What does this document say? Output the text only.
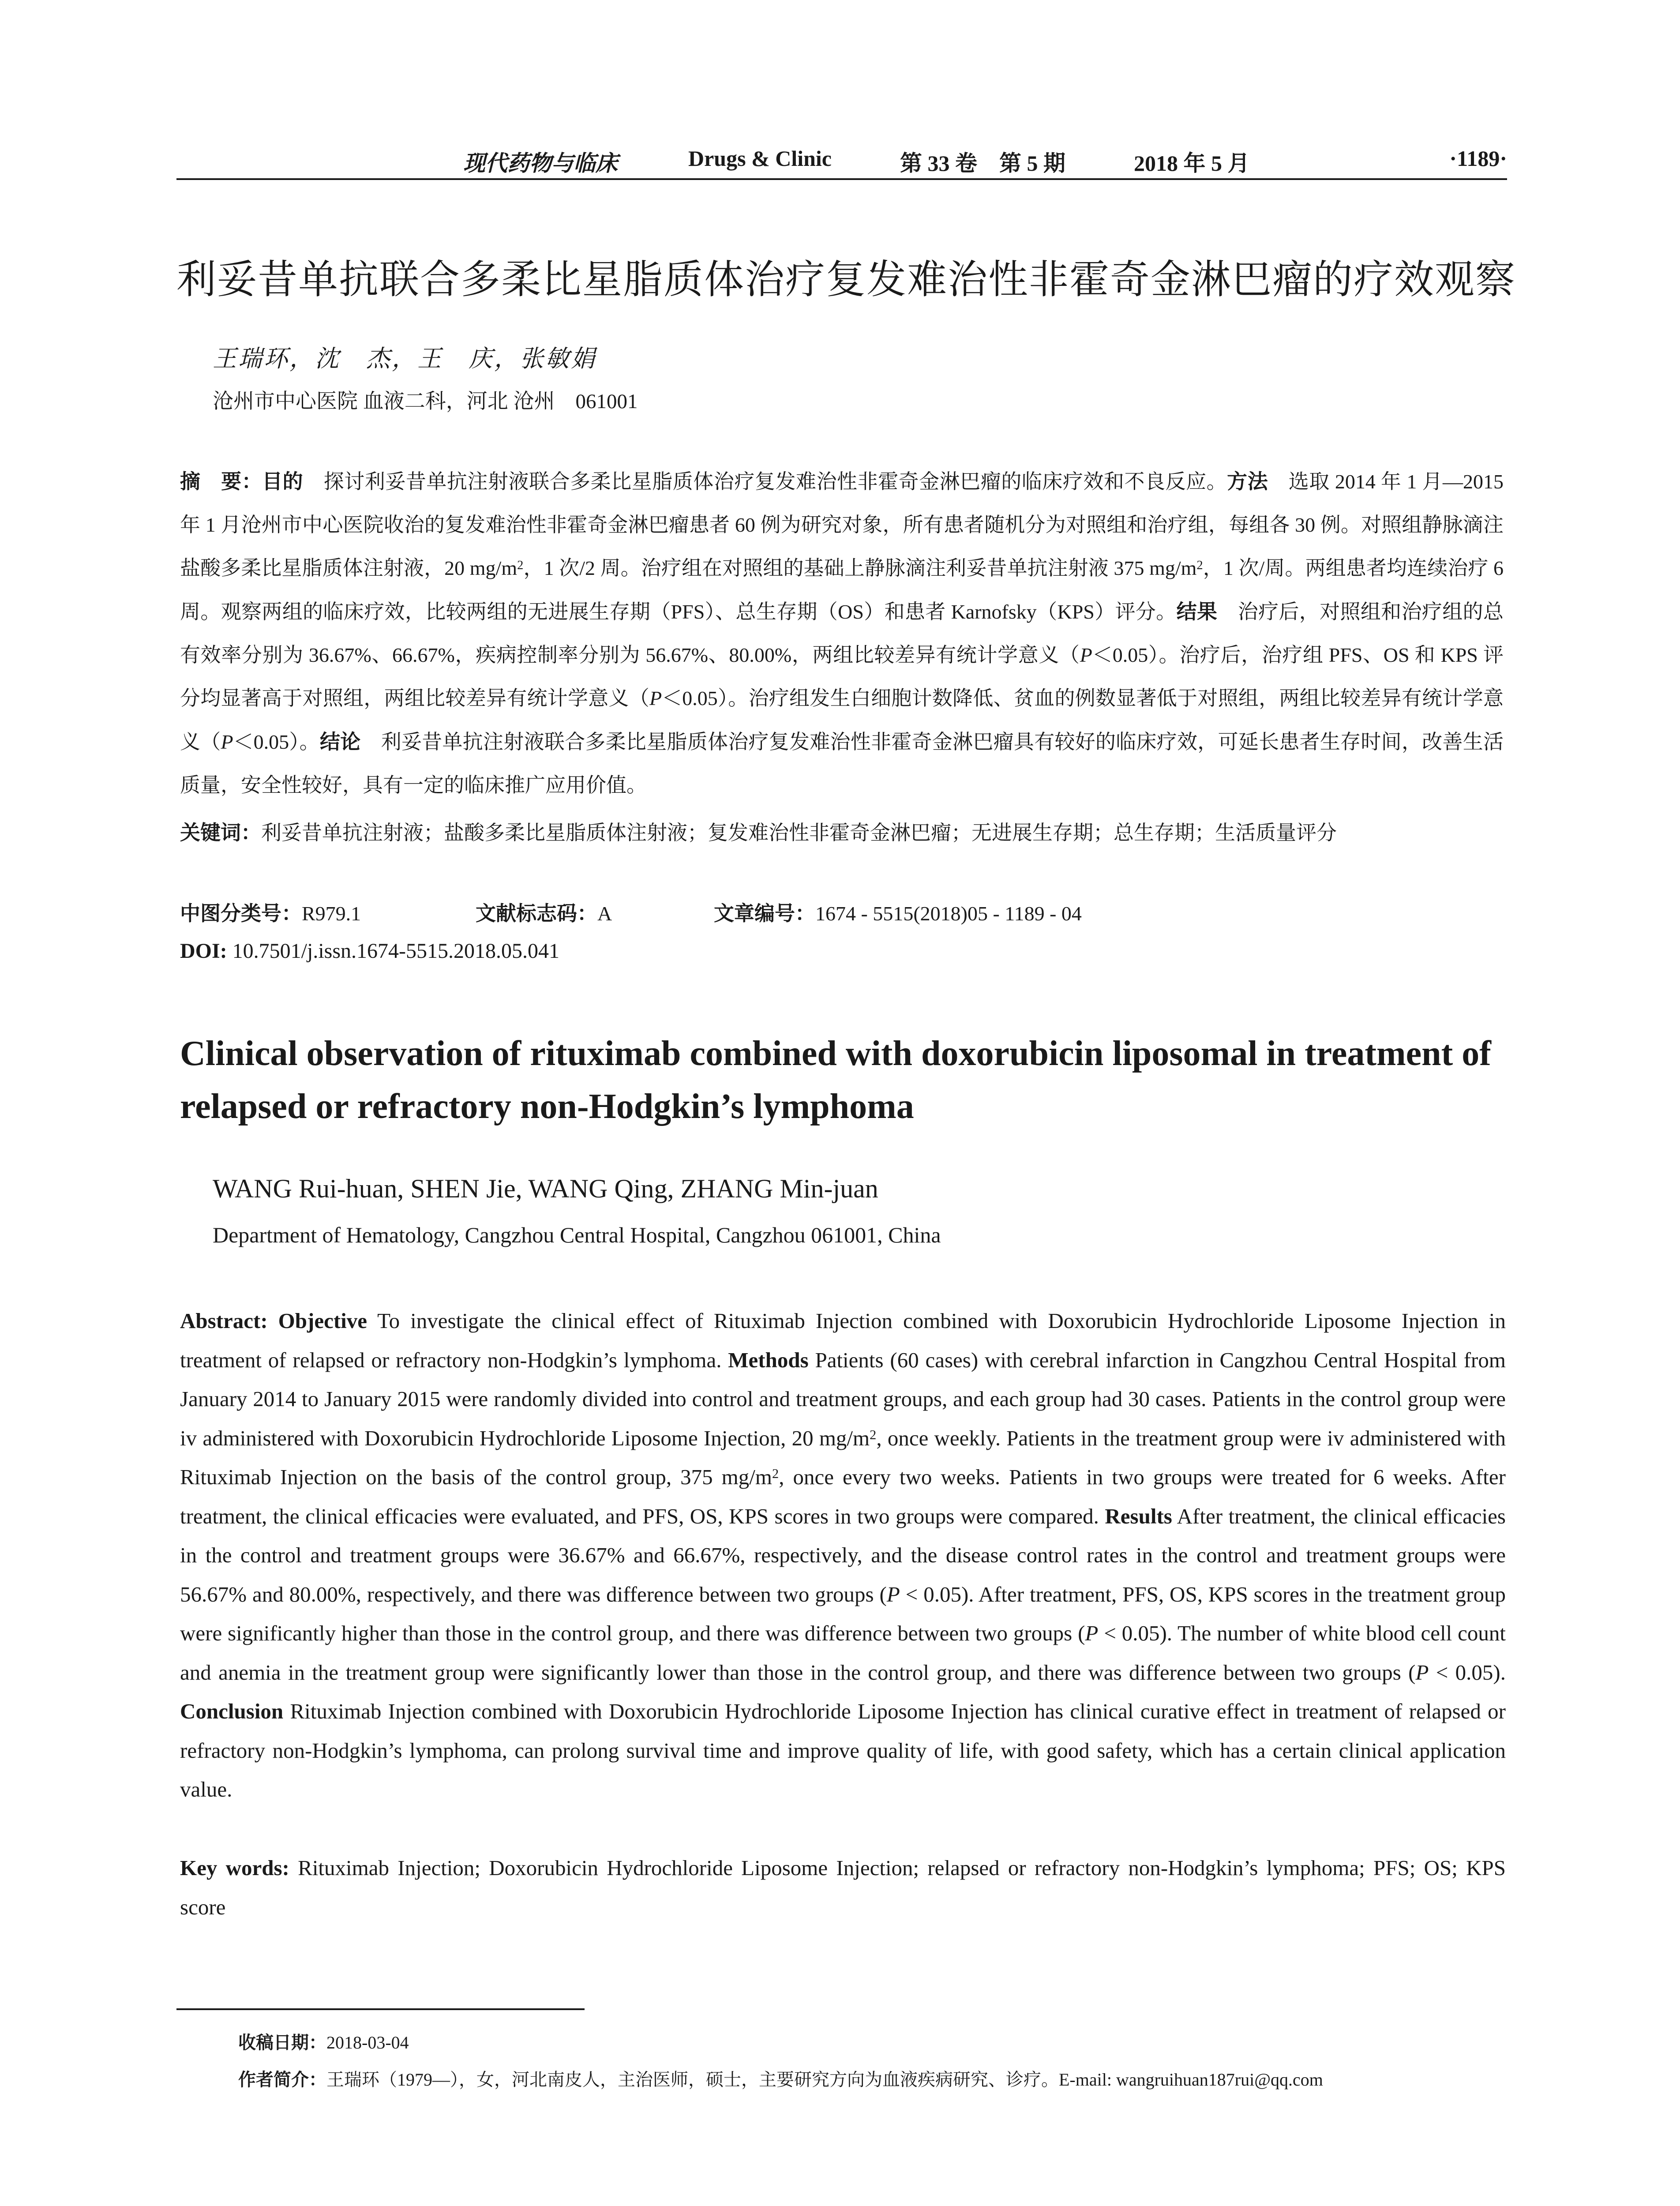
现代药物与临床	Drugs & Clinic	第 33 卷　第 5 期	2018 年 5 月	·1189·
利妥昔单抗联合多柔比星脂质体治疗复发难治性非霍奇金淋巴瘤的疗效观察
王瑞环，沈　杰，王　庆，张敏娟
沧州市中心医院 血液二科，河北 沧州　061001
摘　要：目的　探讨利妥昔单抗注射液联合多柔比星脂质体治疗复发难治性非霍奇金淋巴瘤的临床疗效和不良反应。方法　选取 2014 年 1 月—2015 年 1 月沧州市中心医院收治的复发难治性非霍奇金淋巴瘤患者 60 例为研究对象，所有患者随机分为对照组和治疗组，每组各 30 例。对照组静脉滴注盐酸多柔比星脂质体注射液，20 $mg/m^2$，1 次/2 周。治疗组在对照组的基础上静脉滴注利妥昔单抗注射液 375 $mg/m^2$，1 次/周。两组患者均连续治疗 6 周。观察两组的临床疗效，比较两组的无进展生存期（PFS）、总生存期（OS）和患者 Karnofsky（KPS）评分。结果　治疗后，对照组和治疗组的总有效率分别为 36.67%、66.67%，疾病控制率分别为 56.67%、80.00%，两组比较差异有统计学意义（P＜0.05）。治疗后，治疗组 PFS、OS 和 KPS 评分均显著高于对照组，两组比较差异有统计学意义（P＜0.05）。治疗组发生白细胞计数降低、贫血的例数显著低于对照组，两组比较差异有统计学意义（P＜0.05）。结论　利妥昔单抗注射液联合多柔比星脂质体治疗复发难治性非霍奇金淋巴瘤具有较好的临床疗效，可延长患者生存时间，改善生活质量，安全性较好，具有一定的临床推广应用价值。
关键词：利妥昔单抗注射液；盐酸多柔比星脂质体注射液；复发难治性非霍奇金淋巴瘤；无进展生存期；总生存期；生活质量评分
中图分类号：R979.1	文献标志码：A	文章编号：1674 - 5515(2018)05 - 1189 - 04
DOI: 10.7501/j.issn.1674-5515.2018.05.041
Clinical observation of rituximab combined with doxorubicin liposomal in treatment of relapsed or refractory non-Hodgkin’s lymphoma
WANG Rui-huan, SHEN Jie, WANG Qing, ZHANG Min-juan
Department of Hematology, Cangzhou Central Hospital, Cangzhou 061001, China
Abstract: Objective To investigate the clinical effect of Rituximab Injection combined with Doxorubicin Hydrochloride Liposome Injection in treatment of relapsed or refractory non-Hodgkin’s lymphoma. Methods Patients (60 cases) with cerebral infarction in Cangzhou Central Hospital from January 2014 to January 2015 were randomly divided into control and treatment groups, and each group had 30 cases. Patients in the control group were iv administered with Doxorubicin Hydrochloride Liposome Injection, 20 $mg/m^2$, once weekly. Patients in the treatment group were iv administered with Rituximab Injection on the basis of the control group, 375 $mg/m^2$, once every two weeks. Patients in two groups were treated for 6 weeks. After treatment, the clinical efficacies were evaluated, and PFS, OS, KPS scores in two groups were compared. Results After treatment, the clinical efficacies in the control and treatment groups were 36.67% and 66.67%, respectively, and the disease control rates in the control and treatment groups were 56.67% and 80.00%, respectively, and there was difference between two groups (P < 0.05). After treatment, PFS, OS, KPS scores in the treatment group were significantly higher than those in the control group, and there was difference between two groups (P < 0.05). The number of white blood cell count and anemia in the treatment group were significantly lower than those in the control group, and there was difference between two groups (P < 0.05). Conclusion Rituximab Injection combined with Doxorubicin Hydrochloride Liposome Injection has clinical curative effect in treatment of relapsed or refractory non-Hodgkin’s lymphoma, can prolong survival time and improve quality of life, with good safety, which has a certain clinical application value.
Key words: Rituximab Injection; Doxorubicin Hydrochloride Liposome Injection; relapsed or refractory non-Hodgkin’s lymphoma; PFS; OS; KPS score
收稿日期：2018-03-04
作者简介：王瑞环（1979—），女，河北南皮人，主治医师，硕士，主要研究方向为血液疾病研究、诊疗。E-mail: wangruihuan187rui@qq.com
